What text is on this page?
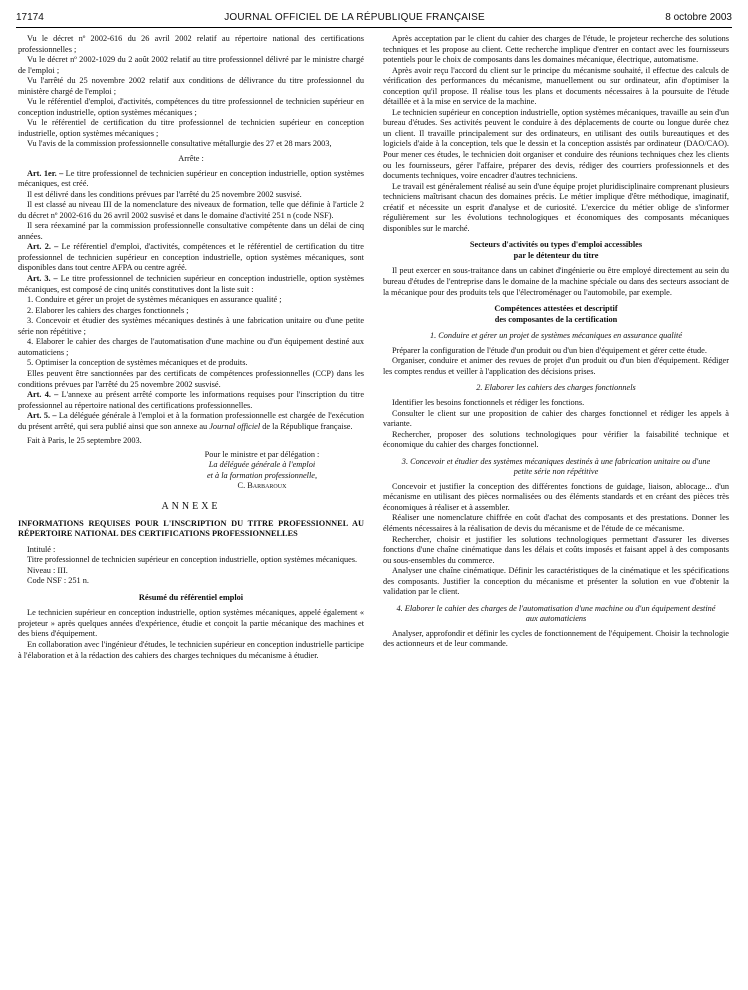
17174	JOURNAL OFFICIEL DE LA RÉPUBLIQUE FRANÇAISE	8 octobre 2003

Vu le décret nº 2002-616 du 26 avril 2002 relatif au répertoire national des certifications professionnelles ;

Vu le décret nº 2002-1029 du 2 août 2002 relatif au titre professionnel délivré par le ministre chargé de l'emploi ;

Vu l'arrêté du 25 novembre 2002 relatif aux conditions de délivrance du titre professionnel du ministère chargé de l'emploi ;

Vu le référentiel d'emploi, d'activités, compétences du titre professionnel de technicien supérieur en conception industrielle, option systèmes mécaniques ;

Vu le référentiel de certification du titre professionnel de technicien supérieur en conception industrielle, option systèmes mécaniques ;

Vu l'avis de la commission professionnelle consultative métallurgie des 27 et 28 mars 2003,

Arrête :

Art. 1er. – Le titre professionnel de technicien supérieur en conception industrielle, option systèmes mécaniques, est créé.

Il est délivré dans les conditions prévues par l'arrêté du 25 novembre 2002 susvisé.

Il est classé au niveau III de la nomenclature des niveaux de formation, telle que définie à l'article 2 du décret nº 2002-616 du 26 avril 2002 susvisé et dans le domaine d'activité 251 n (code NSF).

Il sera réexaminé par la commission professionnelle consultative compétente dans un délai de cinq années.

Art. 2. – Le référentiel d'emploi, d'activités, compétences et le référentiel de certification du titre professionnel de technicien supérieur en conception industrielle, option systèmes mécaniques, sont disponibles dans tout centre AFPA ou centre agréé.

Art. 3. – Le titre professionnel de technicien supérieur en conception industrielle, option systèmes mécaniques, est composé de cinq unités constitutives dont la liste suit :

1. Conduire et gérer un projet de systèmes mécaniques en assurance qualité ;

2. Elaborer les cahiers des charges fonctionnels ;

3. Concevoir et étudier des systèmes mécaniques destinés à une fabrication unitaire ou d'une petite série non répétitive ;

4. Elaborer le cahier des charges de l'automatisation d'une machine ou d'un équipement destiné aux automaticiens ;

5. Optimiser la conception de systèmes mécaniques et de produits.

Elles peuvent être sanctionnées par des certificats de compétences professionnelles (CCP) dans les conditions prévues par l'arrêté du 25 novembre 2002 susvisé.

Art. 4. – L'annexe au présent arrêté comporte les informations requises pour l'inscription du titre professionnel au répertoire national des certifications professionnelles.

Art. 5. – La déléguée générale à l'emploi et à la formation professionnelle est chargée de l'exécution du présent arrêté, qui sera publié ainsi que son annexe au Journal officiel de la République française.

Fait à Paris, le 25 septembre 2003.

Pour le ministre et par délégation :
La déléguée générale à l'emploi
et à la formation professionnelle,
C. Barbaroux

ANNEXE

INFORMATIONS REQUISES POUR L'INSCRIPTION DU TITRE PROFESSIONNEL AU RÉPERTOIRE NATIONAL DES CERTIFICATIONS PROFESSIONNELLES

Intitulé :

Titre professionnel de technicien supérieur en conception industrielle, option systèmes mécaniques.

Niveau : III.

Code NSF : 251 n.

Résumé du référentiel emploi

Le technicien supérieur en conception industrielle, option systèmes mécaniques, appelé également « projeteur » après quelques années d'expérience, étudie et conçoit la partie mécanique des machines et des biens d'équipement.

En collaboration avec l'ingénieur d'études, le technicien supérieur en conception industrielle participe à l'élaboration et à la rédaction des cahiers des charges techniques du mécanisme à étudier.

Après acceptation par le client du cahier des charges de l'étude, le projeteur recherche des solutions techniques et les propose au client. Cette recherche implique d'entrer en contact avec les fournisseurs potentiels pour le choix de composants dans les domaines mécanique, électrique, automatisme.

Après avoir reçu l'accord du client sur le principe du mécanisme souhaité, il effectue des calculs de vérification des performances du mécanisme, manuellement ou sur ordinateur, afin d'optimiser la conception qu'il propose. Il réalise tous les plans et documents nécessaires à la poursuite de l'étude détaillée et à la mise en service de la machine.

Le technicien supérieur en conception industrielle, option systèmes mécaniques, travaille au sein d'un bureau d'études. Ses activités peuvent le conduire à des déplacements de courte ou longue durée chez un client. Il travaille principalement sur des ordinateurs, en utilisant des outils bureautiques et des logiciels d'aide à la conception, tels que le dessin et la conception assistés par ordinateur (DAO/CAO). Pour mener ces études, le technicien doit organiser et conduire des réunions techniques chez les clients ou les fournisseurs, gérer l'affaire, préparer des devis, rédiger des courriers professionnels et des documents techniques, voire encadrer d'autres techniciens.

Le travail est généralement réalisé au sein d'une équipe projet pluridisciplinaire comprenant plusieurs techniciens maîtrisant chacun des domaines précis. Le métier implique d'être méthodique, imaginatif, créatif et nécessite un esprit d'analyse et de curiosité. L'exercice du métier oblige de s'informer régulièrement sur les évolutions technologiques et économiques des composants mécaniques disponibles sur le marché.

Secteurs d'activités ou types d'emploi accessibles
par le détenteur du titre

Il peut exercer en sous-traitance dans un cabinet d'ingénierie ou être employé directement au sein du bureau d'études de l'entreprise dans le domaine de la machine spéciale ou dans des secteurs associant de la mécanique pour des produits tels que l'électroménager ou l'automobile, par exemple.

Compétences attestées et descriptif
des composantes de la certification

1. Conduire et gérer un projet de systèmes mécaniques en assurance qualité

Préparer la configuration de l'étude d'un produit ou d'un bien d'équipement et gérer cette étude.

Organiser, conduire et animer des revues de projet d'un produit ou d'un bien d'équipement. Rédiger les comptes rendus et veiller à l'application des décisions prises.

2. Elaborer les cahiers des charges fonctionnels

Identifier les besoins fonctionnels et rédiger les fonctions.

Consulter le client sur une proposition de cahier des charges fonctionnel et rédiger les appels à variante.

Rechercher, proposer des solutions technologiques pour vérifier la faisabilité technique et économique du cahier des charges fonctionnel.

3. Concevoir et étudier des systèmes mécaniques destinés à une fabrication unitaire ou d'une petite série non répétitive

Concevoir et justifier la conception des différentes fonctions de guidage, liaison, ablocage... d'un mécanisme en utilisant des pièces normalisées ou des éléments standards et en créant des pièces très économiques à réaliser et à assembler.

Réaliser une nomenclature chiffrée en coût d'achat des composants et des prestations. Donner les éléments nécessaires à la réalisation de devis du mécanisme et de l'étude de ce mécanisme.

Rechercher, choisir et justifier les solutions technologiques permettant d'assurer les diverses fonctions d'une chaîne cinématique dans les délais et coûts imposés et faisant appel à des composants ou sous-ensembles du commerce.

Analyser une chaîne cinématique. Définir les caractéristiques de la cinématique et les spécifications des composants. Justifier la conception du mécanisme et présenter la solution en vue d'obtenir la validation par le client.

4. Elaborer le cahier des charges de l'automatisation d'une machine ou d'un équipement destiné aux automaticiens

Analyser, approfondir et définir les cycles de fonctionnement de l'équipement. Choisir la technologie des actionneurs et de leur commande.
